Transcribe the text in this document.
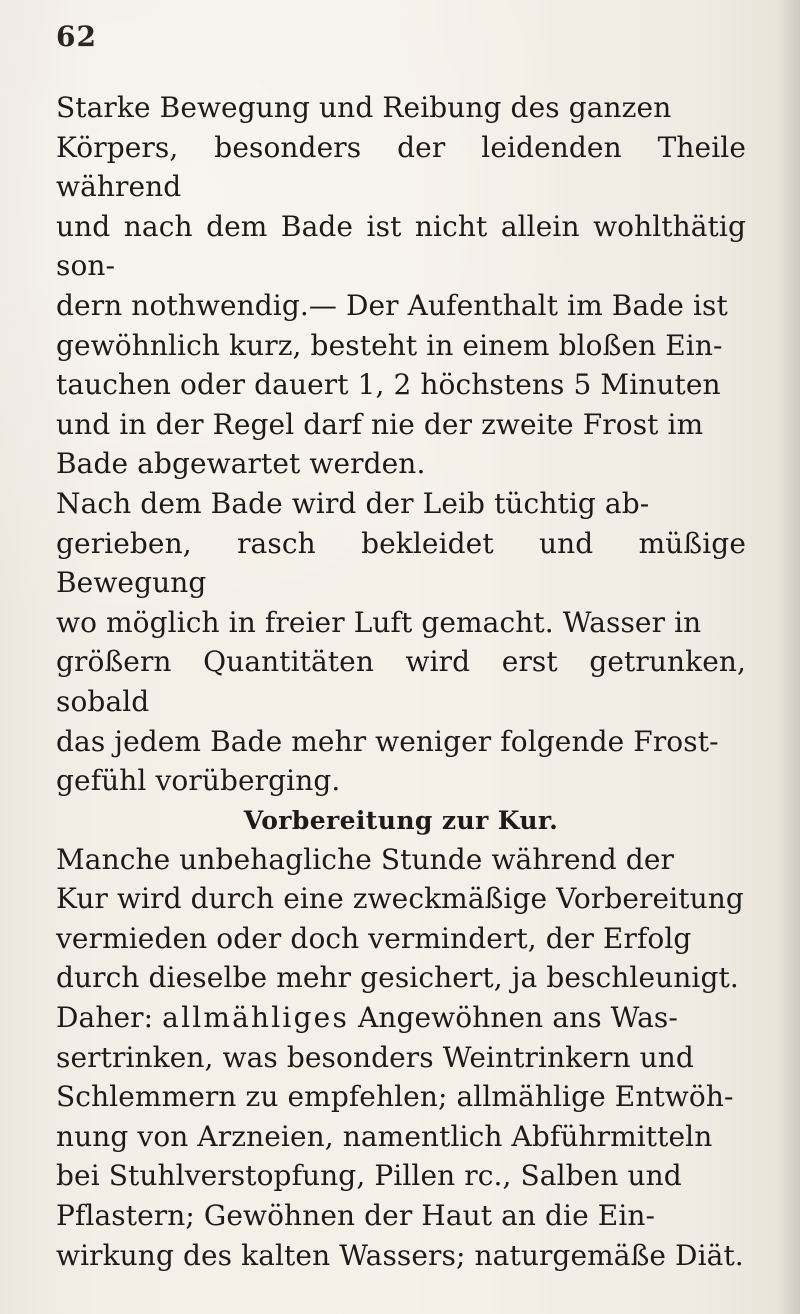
62

Starke Bewegung und Reibung des ganzen
Körpers, besonders der leidenden Theile während
und nach dem Bade ist nicht allein wohlthätig son-
dern nothwendig.— Der Aufenthalt im Bade ist
gewöhnlich kurz, besteht in einem bloßen Ein-
tauchen oder dauert 1, 2 höchstens 5 Minuten
und in der Regel darf nie der zweite Frost im
Bade abgewartet werden.

Nach dem Bade wird der Leib tüchtig ab-
gerieben, rasch bekleidet und müßige Bewegung
wo möglich in freier Luft gemacht. Wasser in
größern Quantitäten wird erst getrunken, sobald
das jedem Bade mehr weniger folgende Frost-
gefühl vorüberging.

Vorbereitung zur Kur.

Manche unbehagliche Stunde während der
Kur wird durch eine zweckmäßige Vorbereitung
vermieden oder doch vermindert, der Erfolg
durch dieselbe mehr gesichert, ja beschleunigt.
Daher: allmähliges Angewöhnen ans Was-
sertrinken, was besonders Weintrinkern und
Schlemmern zu empfehlen; allmählige Entwöh-
nung von Arzneien, namentlich Abführmitteln
bei Stuhlverstopfung, Pillen rc., Salben und
Pflastern; Gewöhnen der Haut an die Ein-
wirkung des kalten Wassers; naturgemäße Diät.
